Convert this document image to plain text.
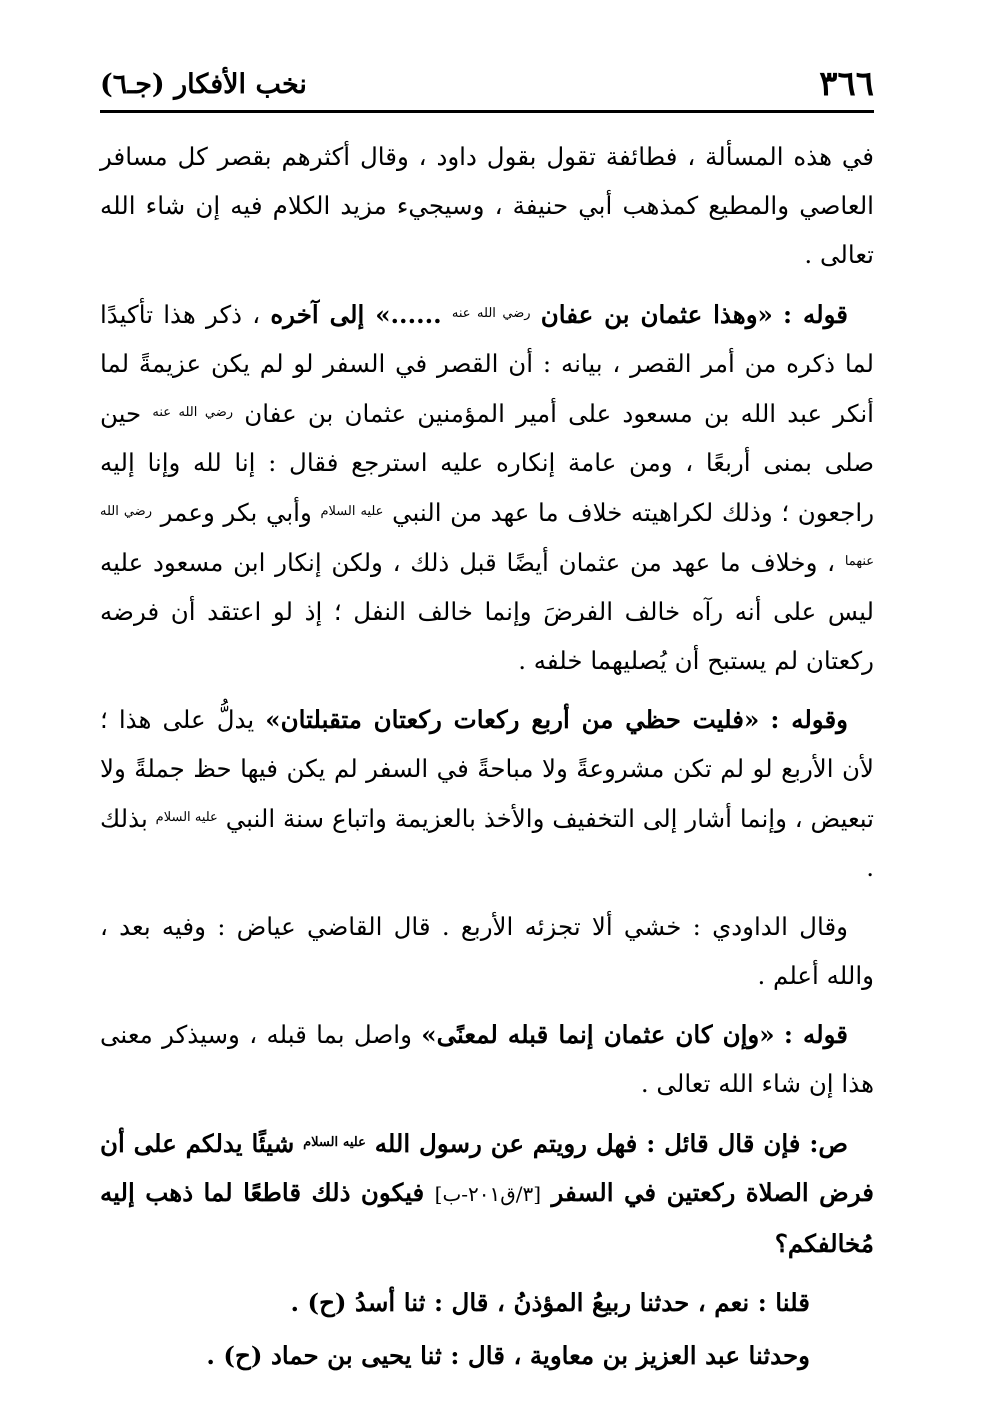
٣٦٦
نخب الأفكار (جـ٦)

في هذه المسألة ، فطائفة تقول بقول داود ، وقال أكثرهم بقصر كل مسافر العاصي والمطيع كمذهب أبي حنيفة ، وسيجيء مزيد الكلام فيه إن شاء الله تعالى .

قوله : «وهذا عثمان بن عفان $^{رضي الله عنه}$ ......» إلى آخره ، ذكر هذا تأكيدًا لما ذكره من أمر القصر ، بيانه : أن القصر في السفر لو لم يكن عزيمةً لما أنكر عبد الله بن مسعود على أمير المؤمنين عثمان بن عفان $^{رضي الله عنه}$ حين صلى بمنى أربعًا ، ومن عامة إنكاره عليه استرجع فقال : إنا لله وإنا إليه راجعون ؛ وذلك لكراهيته خلاف ما عهد من النبي $^{عليه السلام}$ وأبي بكر وعمر $^{رضي الله عنهما}$ ، وخلاف ما عهد من عثمان أيضًا قبل ذلك ، ولكن إنكار ابن مسعود عليه ليس على أنه رآه خالف الفرضَ وإنما خالف النفل ؛ إذ لو اعتقد أن فرضه ركعتان لم يستبح أن يُصليهما خلفه .

وقوله : «فليت حظي من أربع ركعات ركعتان متقبلتان» يدلُّ على هذا ؛ لأن الأربع لو لم تكن مشروعةً ولا مباحةً في السفر لم يكن فيها حظ جملةً ولا تبعيض ، وإنما أشار إلى التخفيف والأخذ بالعزيمة واتباع سنة النبي $^{عليه السلام}$ بذلك .

وقال الداودي : خشي ألا تجزئه الأربع . قال القاضي عياض : وفيه بعد ، والله أعلم .

قوله : «وإن كان عثمان إنما قبله لمعنًى» واصل بما قبله ، وسيذكر معنى هذا إن شاء الله تعالى .

ص: فإن قال قائل : فهل رويتم عن رسول الله $^{عليه السلام}$ شيئًا يدلكم على أن فرض الصلاة ركعتين في السفر [٣/ق٢٠١-ب] فيكون ذلك قاطعًا لما ذهب إليه مُخالفكم؟

قلنا : نعم ، حدثنا ربيعُ المؤذنُ ، قال : ثنا أسدُ (ح) .

وحدثنا عبد العزيز بن معاوية ، قال : ثنا يحيى بن حماد (ح) .
